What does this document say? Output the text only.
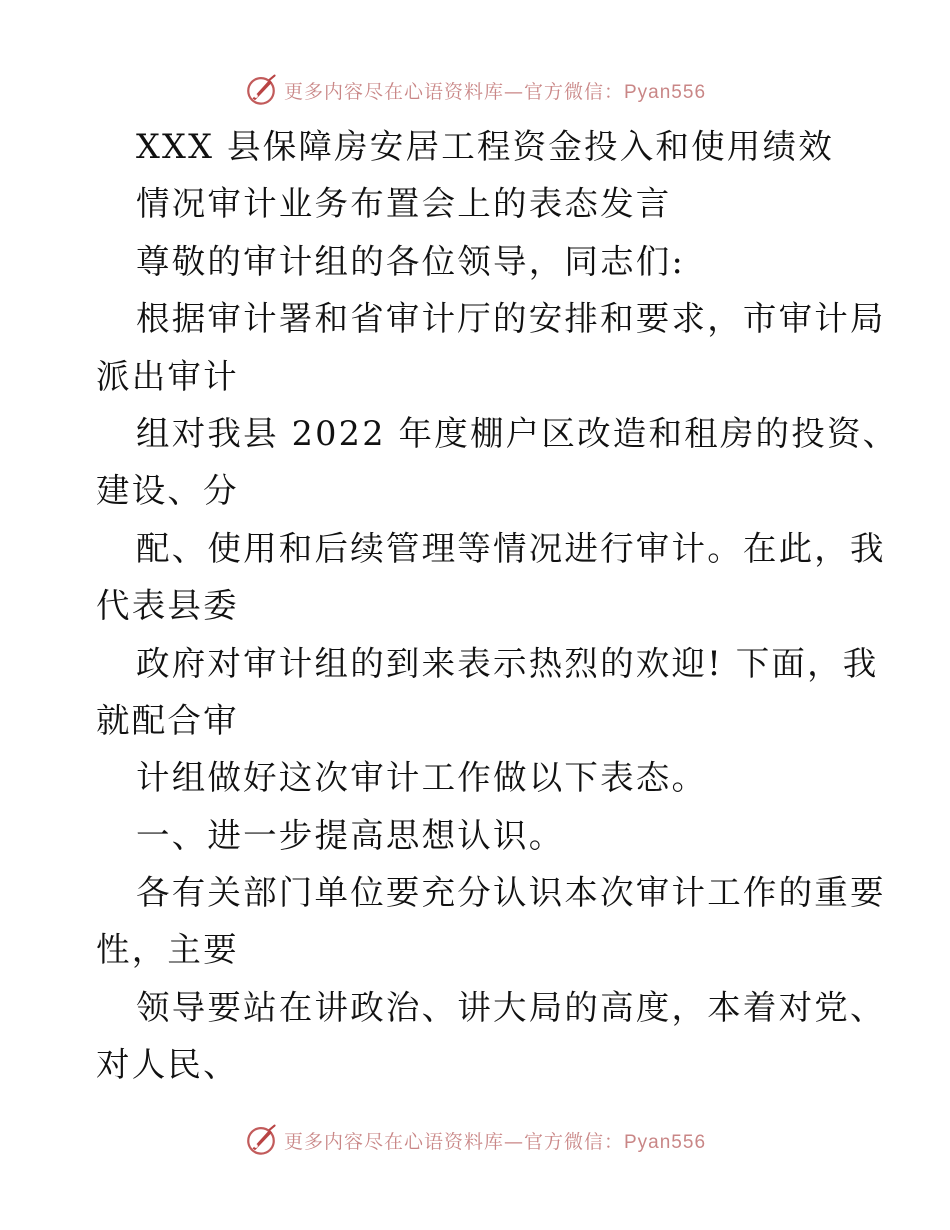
更多内容尽在心语资料库—官方微信：Pyan556
XXX 县保障房安居工程资金投入和使用绩效
情况审计业务布置会上的表态发言
尊敬的审计组的各位领导，同志们:
根据审计署和省审计厅的安排和要求，市审计局
派出审计
组对我县 2022 年度棚户区改造和租房的投资、
建设、分
配、使用和后续管理等情况进行审计。在此，我
代表县委
政府对审计组的到来表示热烈的欢迎! 下面，我
就配合审
计组做好这次审计工作做以下表态。
一、进一步提高思想认识。
各有关部门单位要充分认识本次审计工作的重要
性，主要
领导要站在讲政治、讲大局的高度，本着对党、
对人民、
更多内容尽在心语资料库—官方微信：Pyan556
